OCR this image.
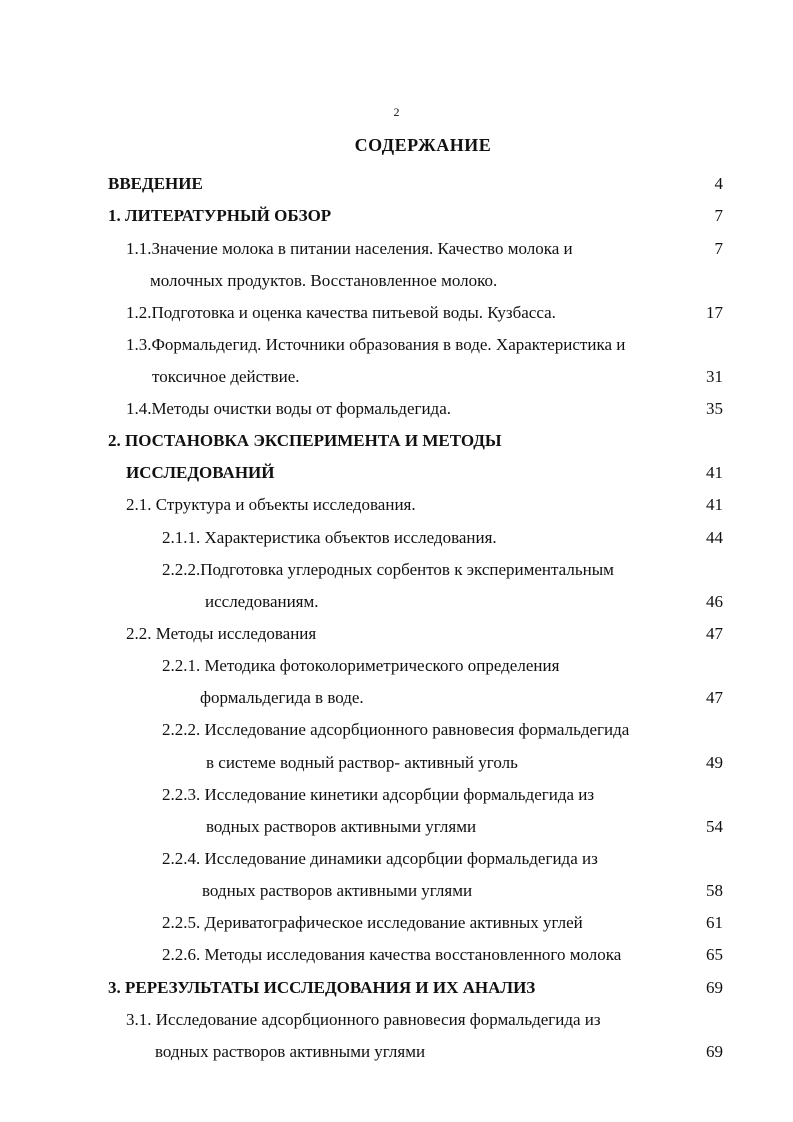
2
СОДЕРЖАНИЕ
ВВЕДЕНИЕ	4
1. ЛИТЕРАТУРНЫЙ ОБЗОР	7
1.1.Значение молока в питании населения. Качество молока и	7
молочных продуктов. Восстановленное молоко.
1.2.Подготовка и оценка качества питьевой воды. Кузбасса.	17
1.3.Формальдегид. Источники образования в воде. Характеристика и
токсичное действие.	31
1.4.Методы очистки воды от формальдегида.	35
2. ПОСТАНОВКА ЭКСПЕРИМЕНТА И МЕТОДЫ
ИССЛЕДОВАНИЙ	41
2.1. Структура и объекты исследования.	41
2.1.1. Характеристика объектов исследования.	44
2.2.2.Подготовка углеродных сорбентов к экспериментальным
исследованиям.	46
2.2. Методы исследования	47
2.2.1. Методика фотоколориметрического определения
формальдегида в воде.	47
2.2.2. Исследование адсорбционного равновесия формальдегида
в системе водный раствор- активный уголь	49
2.2.3. Исследование кинетики адсорбции формальдегида из
водных растворов активными углями	54
2.2.4. Исследование динамики адсорбции формальдегида из
водных растворов активными углями	58
2.2.5. Дериватографическое исследование активных углей	61
2.2.6. Методы исследования качества восстановленного молока	65
3. РЕРЕЗУЛЬТАТЫ ИССЛЕДОВАНИЯ И ИХ АНАЛИЗ	69
3.1. Исследование адсорбционного равновесия формальдегида из
водных растворов активными углями	69
